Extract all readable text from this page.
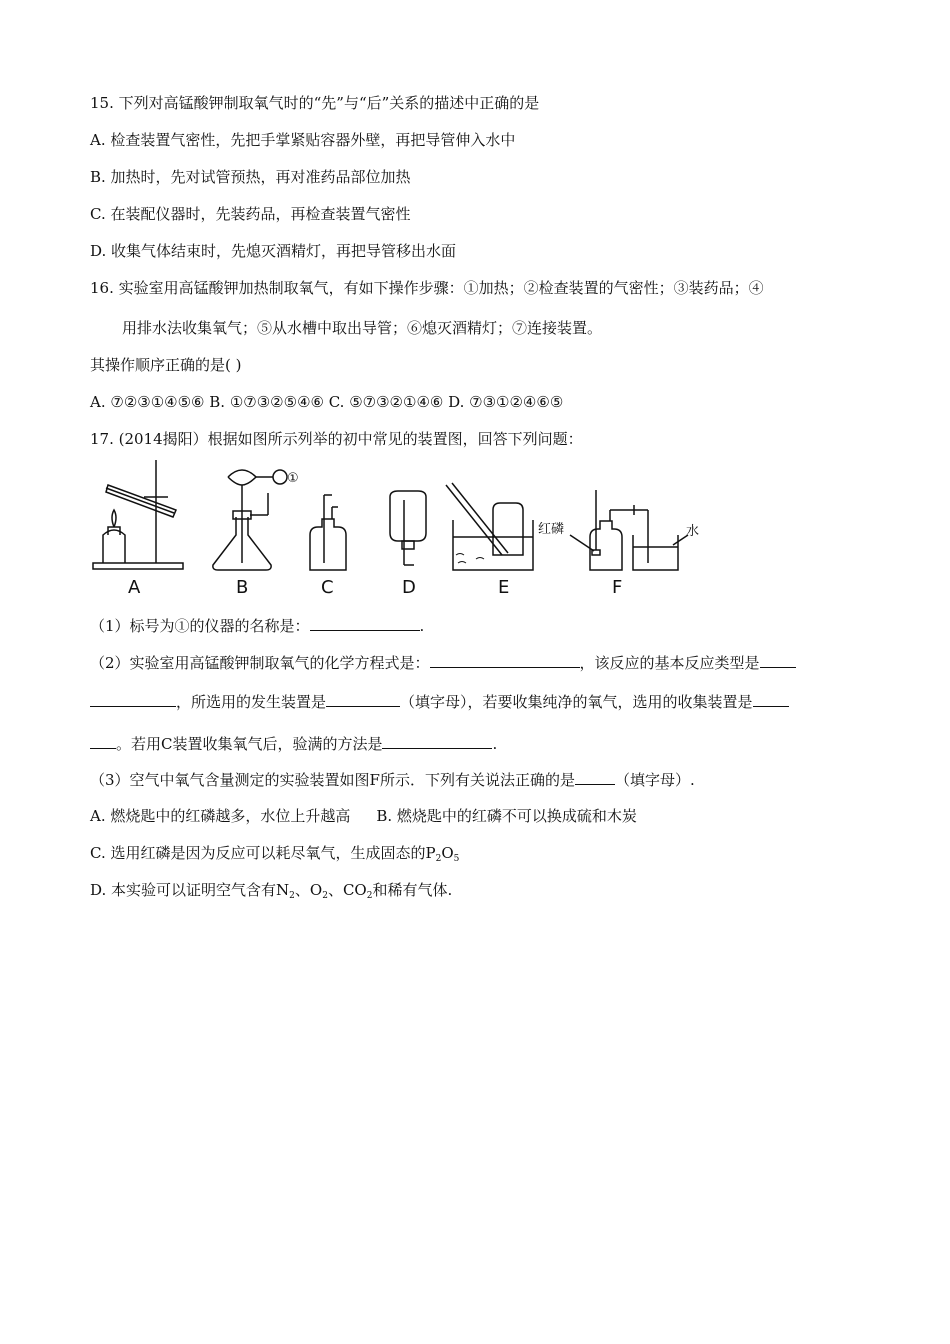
15. 下列对高锰酸钾制取氧气时的“先”与“后”关系的描述中正确的是
A. 检查装置气密性，先把手掌紧贴容器外壁，再把导管伸入水中
B. 加热时，先对试管预热，再对准药品部位加热
C. 在装配仪器时，先装药品，再检查装置气密性
D. 收集气体结束时，先熄灭酒精灯，再把导管移出水面
16. 实验室用高锰酸钾加热制取氧气，有如下操作步骤：①加热；②检查装置的气密性；③装药品；④
用排水法收集氧气；⑤从水槽中取出导管；⑥熄灭酒精灯；⑦连接装置。
其操作顺序正确的是( )
A. ⑦②③①④⑤⑥ B. ①⑦③②⑤④⑥ C. ⑤⑦③②①④⑥ D. ⑦③①②④⑥⑤
17. (2014揭阳）根据如图所示列举的初中常见的装置图，回答下列问题：
①
红磷	水
A	B	C	D	E	F
（1）标号为①的仪器的名称是：	.
（2）实验室用高锰酸钾制取氧气的化学方程式是：	，该反应的基本反应类型是
，所选用的发生装置是	（填字母），若要收集纯净的氧气，选用的收集装置是
。若用C装置收集氧气后，验满的方法是	.
（3）空气中氧气含量测定的实验装置如图F所示．下列有关说法正确的是	（填字母）.
A. 燃烧匙中的红磷越多，水位上升越高 B. 燃烧匙中的红磷不可以换成硫和木炭
C. 选用红磷是因为反应可以耗尽氧气，生成固态的$P_2O_5$
D. 本实验可以证明空气含有$N_2$、$O_2$、$CO_2$和稀有气体.
